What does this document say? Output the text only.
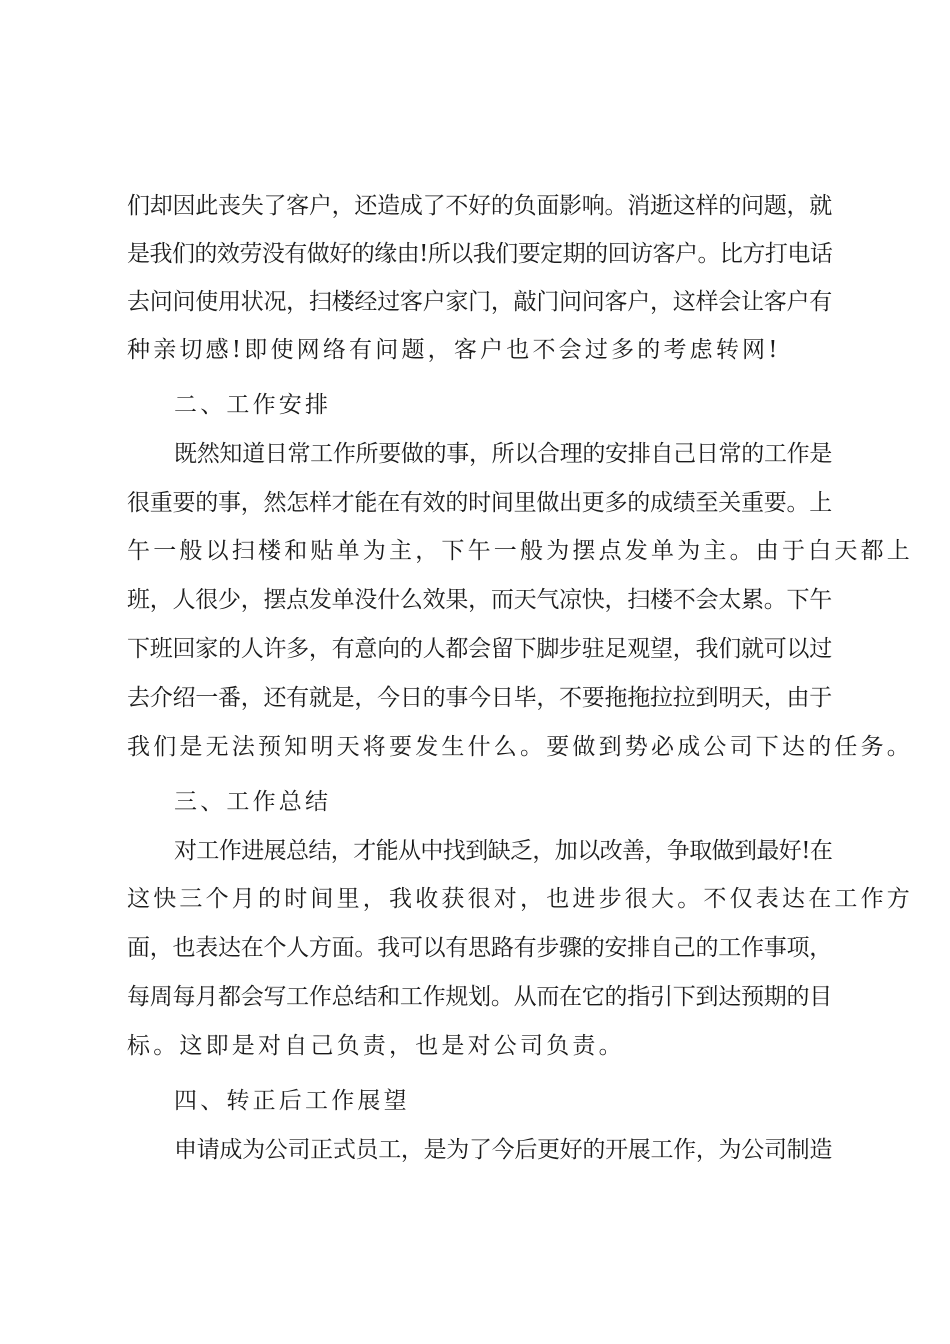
们却因此丧失了客户，还造成了不好的负面影响。消逝这样的问题，就
是我们的效劳没有做好的缘由!所以我们要定期的回访客户。比方打电话
去问问使用状况，扫楼经过客户家门，敲门问问客户，这样会让客户有
种亲切感!即使网络有问题，客户也不会过多的考虑转网!
二、工作安排
既然知道日常工作所要做的事，所以合理的安排自己日常的工作是
很重要的事，然怎样才能在有效的时间里做出更多的成绩至关重要。上
午一般以扫楼和贴单为主，下午一般为摆点发单为主。由于白天都上
班，人很少，摆点发单没什么效果，而天气凉快，扫楼不会太累。下午
下班回家的人许多，有意向的人都会留下脚步驻足观望，我们就可以过
去介绍一番，还有就是，今日的事今日毕，不要拖拖拉拉到明天，由于
我们是无法预知明天将要发生什么。要做到势必成公司下达的任务。
三、工作总结
对工作进展总结，才能从中找到缺乏，加以改善，争取做到最好!在
这快三个月的时间里，我收获很对，也进步很大。不仅表达在工作方
面，也表达在个人方面。我可以有思路有步骤的安排自己的工作事项，
每周每月都会写工作总结和工作规划。从而在它的指引下到达预期的目
标。这即是对自己负责，也是对公司负责。
四、转正后工作展望
申请成为公司正式员工，是为了今后更好的开展工作，为公司制造
